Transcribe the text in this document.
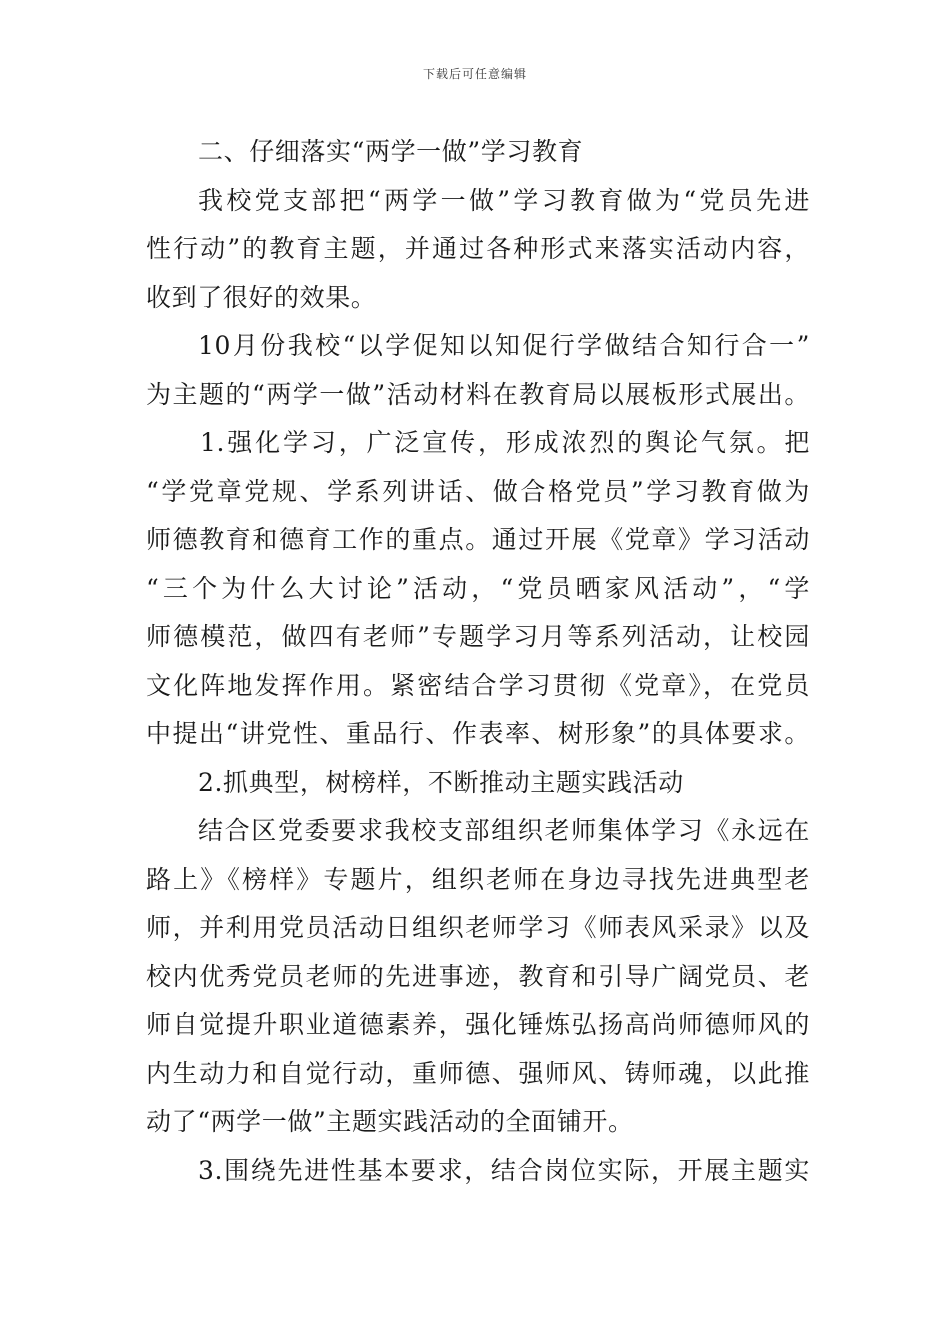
下载后可任意编辑
二、仔细落实“两学一做”学习教育
我校党支部把“两学一做”学习教育做为“党员先进
性行动”的教育主题，并通过各种形式来落实活动内容，
收到了很好的效果。
10月份我校“以学促知以知促行学做结合知行合一”
为主题的“两学一做”活动材料在教育局以展板形式展出。
1.强化学习，广泛宣传，形成浓烈的舆论气氛。把
“学党章党规、学系列讲话、做合格党员”学习教育做为
师德教育和德育工作的重点。通过开展《党章》学习活动
“三个为什么大讨论”活动，“党员晒家风活动”，“学
师德模范，做四有老师”专题学习月等系列活动，让校园
文化阵地发挥作用。紧密结合学习贯彻《党章》，在党员
中提出“讲党性、重品行、作表率、树形象”的具体要求。
2.抓典型，树榜样，不断推动主题实践活动
结合区党委要求我校支部组织老师集体学习《永远在
路上》《榜样》专题片，组织老师在身边寻找先进典型老
师，并利用党员活动日组织老师学习《师表风采录》以及
校内优秀党员老师的先进事迹，教育和引导广阔党员、老
师自觉提升职业道德素养，强化锤炼弘扬高尚师德师风的
内生动力和自觉行动，重师德、强师风、铸师魂，以此推
动了“两学一做”主题实践活动的全面铺开。
3.围绕先进性基本要求，结合岗位实际，开展主题实
